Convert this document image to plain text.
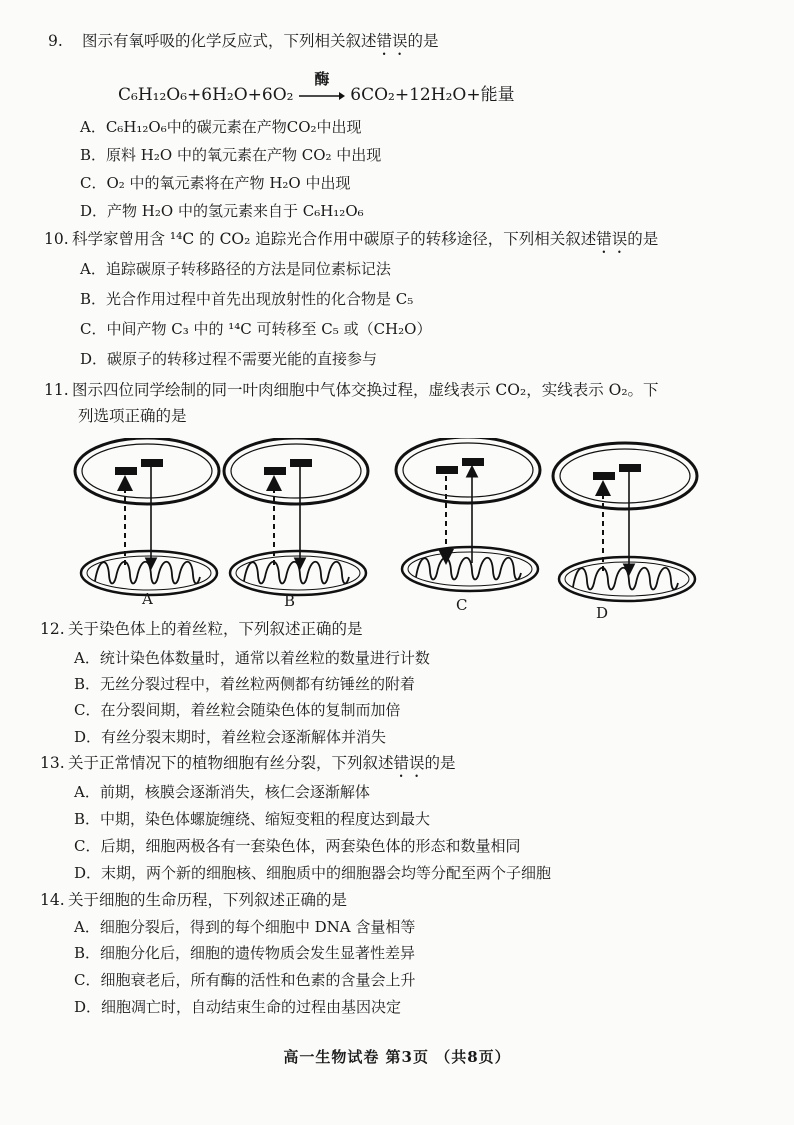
9. 图示有氧呼吸的化学反应式，下列相关叙述错误的是
C₆H₁₂O₆+6H₂O+6O₂
酶
6CO₂+12H₂O+能量
A．C₆H₁₂O₆中的碳元素在产物CO₂中出现
B．原料 H₂O 中的氧元素在产物 CO₂ 中出现
C．O₂ 中的氧元素将在产物 H₂O 中出现
D．产物 H₂O 中的氢元素来自于 C₆H₁₂O₆
10. 科学家曾用含 ¹⁴C 的 CO₂ 追踪光合作用中碳原子的转移途径，下列相关叙述错误的是
A．追踪碳原子转移路径的方法是同位素标记法
B．光合作用过程中首先出现放射性的化合物是 C₅
C．中间产物 C₃ 中的 ¹⁴C 可转移至 C₅ 或（CH₂O）
D．碳原子的转移过程不需要光能的直接参与
11. 图示四位同学绘制的同一叶肉细胞中气体交换过程，虚线表示 CO₂，实线表示 O₂。下
列选项正确的是
A	B	C	D
12. 关于染色体上的着丝粒，下列叙述正确的是
A．统计染色体数量时，通常以着丝粒的数量进行计数
B．无丝分裂过程中，着丝粒两侧都有纺锤丝的附着
C．在分裂间期，着丝粒会随染色体的复制而加倍
D．有丝分裂末期时，着丝粒会逐渐解体并消失
13. 关于正常情况下的植物细胞有丝分裂，下列叙述错误的是
A．前期，核膜会逐渐消失，核仁会逐渐解体
B．中期，染色体螺旋缠绕、缩短变粗的程度达到最大
C．后期，细胞两极各有一套染色体，两套染色体的形态和数量相同
D．末期，两个新的细胞核、细胞质中的细胞器会均等分配至两个子细胞
14. 关于细胞的生命历程，下列叙述正确的是
A．细胞分裂后，得到的每个细胞中 DNA 含量相等
B．细胞分化后，细胞的遗传物质会发生显著性差异
C．细胞衰老后，所有酶的活性和色素的含量会上升
D．细胞凋亡时，自动结束生命的过程由基因决定
高一生物试卷 第3页 （共8页）
